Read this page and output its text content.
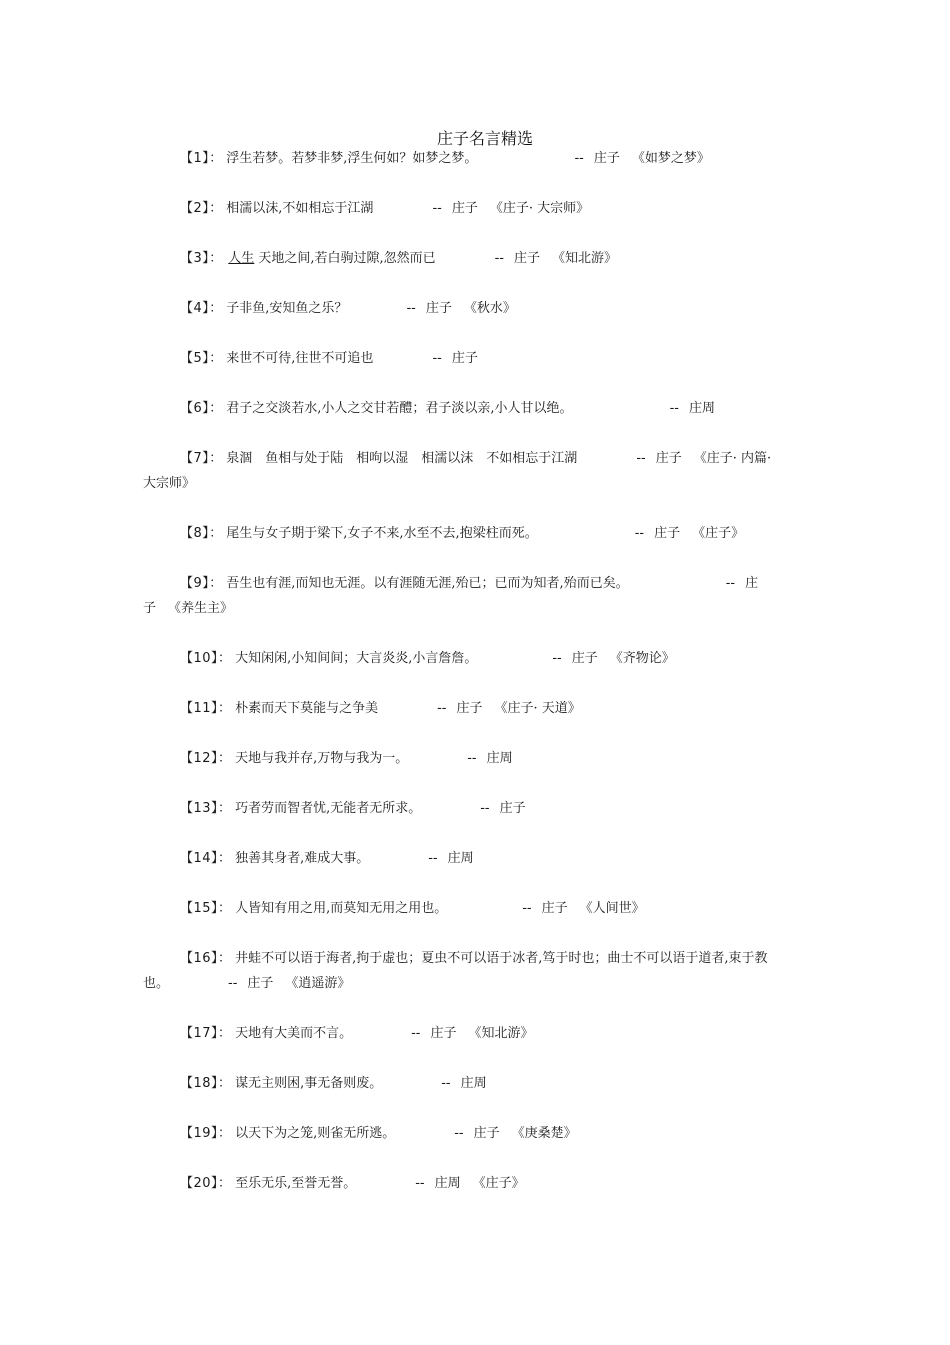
庄子名言精选
【1】： 浮生若梦。若梦非梦,浮生何如？如梦之梦。	-- 庄子 《如梦之梦》
【2】： 相濡以沫,不如相忘于江湖	-- 庄子 《庄子· 大宗师》
【3】： 人生 天地之间,若白驹过隙,忽然而已	-- 庄子 《知北游》
【4】： 子非鱼,安知鱼之乐？	-- 庄子 《秋水》
【5】： 来世不可待,往世不可追也	-- 庄子
【6】： 君子之交淡若水,小人之交甘若醴；君子淡以亲,小人甘以绝。	-- 庄周
【7】： 泉涸　鱼相与处于陆　相呴以湿　相濡以沫　不如相忘于江湖	-- 庄子 《庄子· 内篇· 大宗师》
【8】： 尾生与女子期于梁下,女子不来,水至不去,抱梁柱而死。	-- 庄子 《庄子》
【9】： 吾生也有涯,而知也无涯。以有涯随无涯,殆已；已而为知者,殆而已矣。	-- 庄子 《养生主》
【10】： 大知闲闲,小知间间；大言炎炎,小言詹詹。	-- 庄子 《齐物论》
【11】： 朴素而天下莫能与之争美	-- 庄子 《庄子· 天道》
【12】： 天地与我并存,万物与我为一。	-- 庄周
【13】： 巧者劳而智者忧,无能者无所求。	-- 庄子
【14】： 独善其身者,难成大事。	-- 庄周
【15】： 人皆知有用之用,而莫知无用之用也。	-- 庄子 《人间世》
【16】： 井蛙不可以语于海者,拘于虚也；夏虫不可以语于冰者,笃于时也；曲士不可以语于道者,束于教也。	-- 庄子 《逍遥游》
【17】： 天地有大美而不言。	-- 庄子 《知北游》
【18】： 谋无主则困,事无备则废。	-- 庄周
【19】： 以天下为之笼,则雀无所逃。	-- 庄子 《庚桑楚》
【20】： 至乐无乐,至誉无誉。	-- 庄周 《庄子》
